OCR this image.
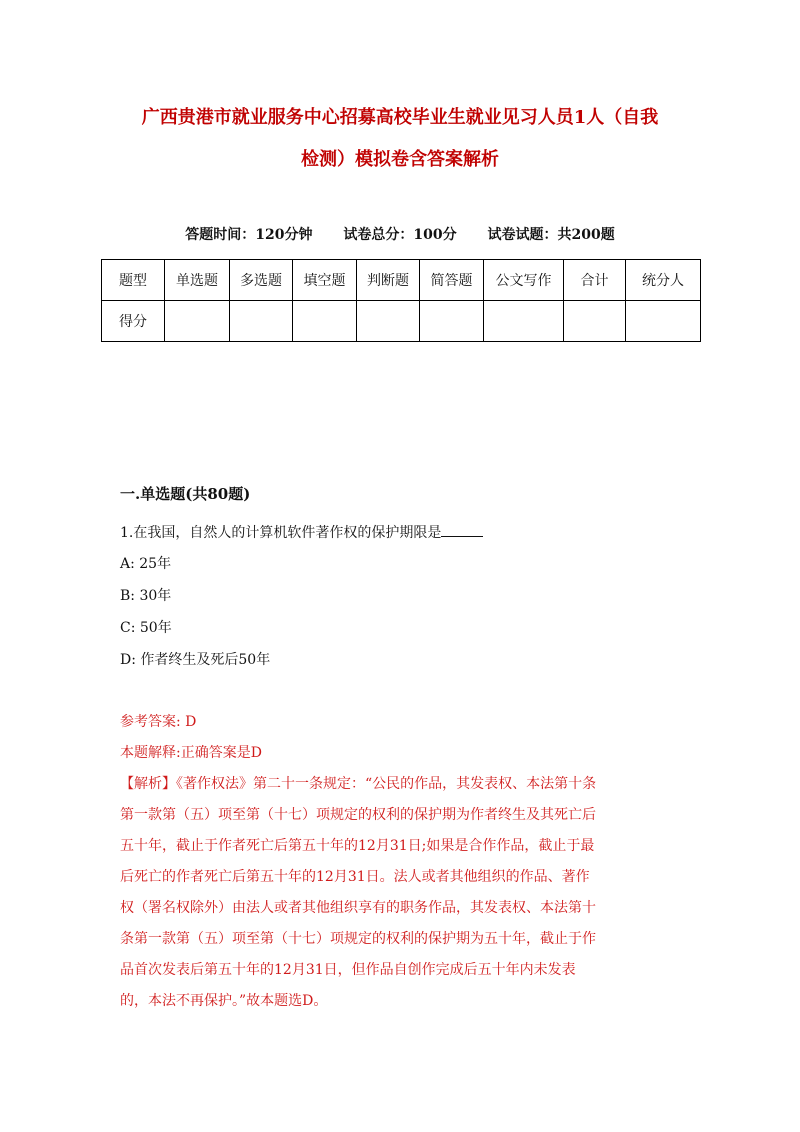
广西贵港市就业服务中心招募高校毕业生就业见习人员1人（自我
检测）模拟卷含答案解析
答题时间：120分钟 试卷总分：100分 试卷试题：共200题
题型	单选题	多选题	填空题	判断题	简答题	公文写作	合计	统分人
得分								
一.单选题(共80题)
1.在我国，自然人的计算机软件著作权的保护期限是
A: 25年
B: 30年
C: 50年
D: 作者终生及死后50年
参考答案: D
本题解释:正确答案是D
【解析】《著作权法》第二十一条规定：“公民的作品，其发表权、本法第十条
第一款第（五）项至第（十七）项规定的权利的保护期为作者终生及其死亡后
五十年，截止于作者死亡后第五十年的12月31日;如果是合作作品，截止于最
后死亡的作者死亡后第五十年的12月31日。法人或者其他组织的作品、著作
权（署名权除外）由法人或者其他组织享有的职务作品，其发表权、本法第十
条第一款第（五）项至第（十七）项规定的权利的保护期为五十年，截止于作
品首次发表后第五十年的12月31日，但作品自创作完成后五十年内未发表
的，本法不再保护。”故本题选D。
